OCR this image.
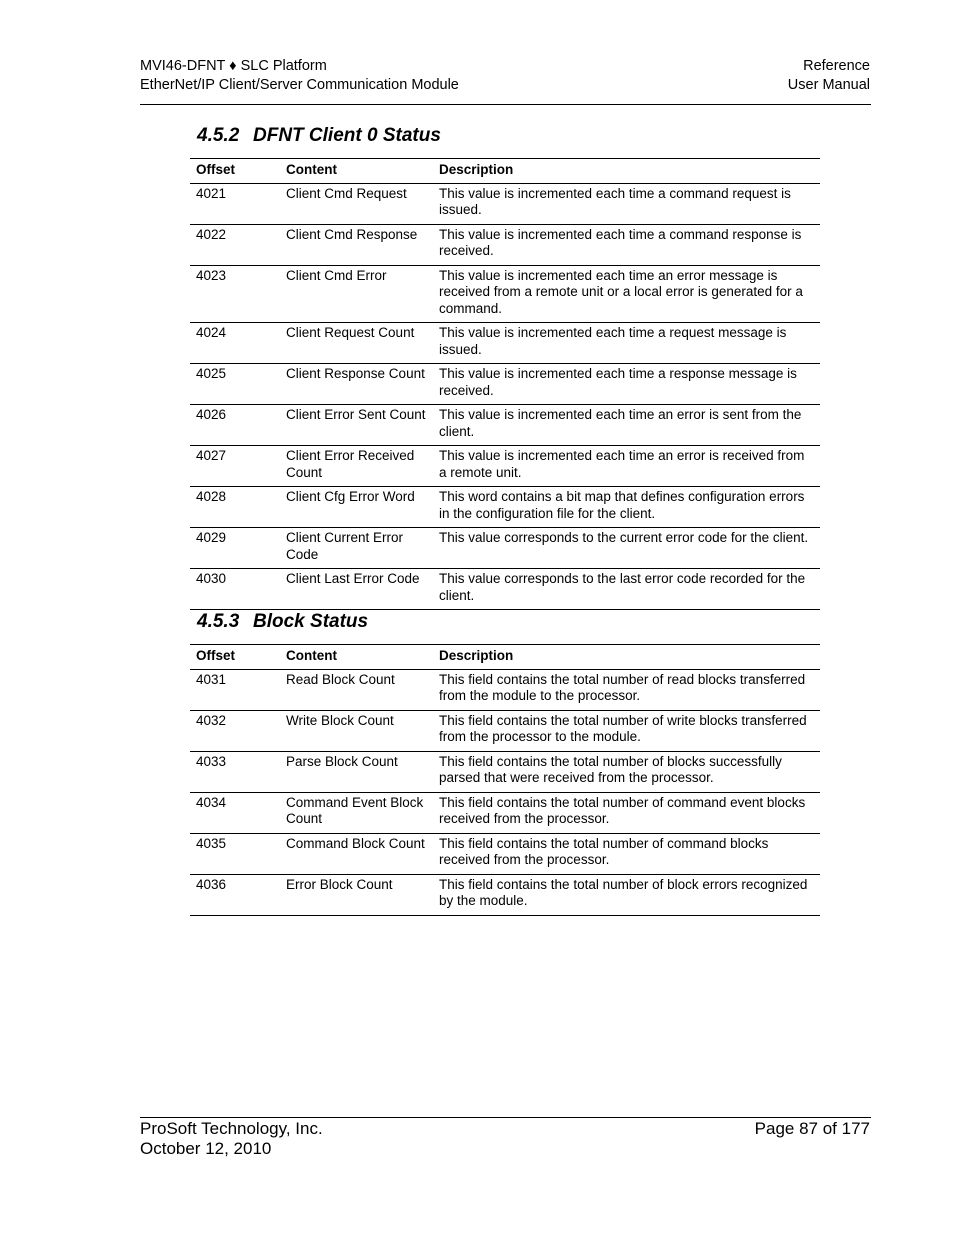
MVI46-DFNT ♦ SLC Platform
EtherNet/IP Client/Server Communication Module
Reference
User Manual
4.5.2 DFNT Client 0 Status
Offset	Content	Description
4021	Client Cmd Request	This value is incremented each time a command request is issued.
4022	Client Cmd Response	This value is incremented each time a command response is received.
4023	Client Cmd Error	This value is incremented each time an error message is received from a remote unit or a local error is generated for a command.
4024	Client Request Count	This value is incremented each time a request message is issued.
4025	Client Response Count	This value is incremented each time a response message is received.
4026	Client Error Sent Count	This value is incremented each time an error is sent from the client.
4027	Client Error Received Count	This value is incremented each time an error is received from a remote unit.
4028	Client Cfg Error Word	This word contains a bit map that defines configuration errors in the configuration file for the client.
4029	Client Current Error Code	This value corresponds to the current error code for the client.
4030	Client Last Error Code	This value corresponds to the last error code recorded for the client.
4.5.3 Block Status
Offset	Content	Description
4031	Read Block Count	This field contains the total number of read blocks transferred from the module to the processor.
4032	Write Block Count	This field contains the total number of write blocks transferred from the processor to the module.
4033	Parse Block Count	This field contains the total number of blocks successfully parsed that were received from the processor.
4034	Command Event Block Count	This field contains the total number of command event blocks received from the processor.
4035	Command Block Count	This field contains the total number of command blocks received from the processor.
4036	Error Block Count	This field contains the total number of block errors recognized by the module.
ProSoft Technology, Inc.
October 12, 2010
Page 87 of 177
